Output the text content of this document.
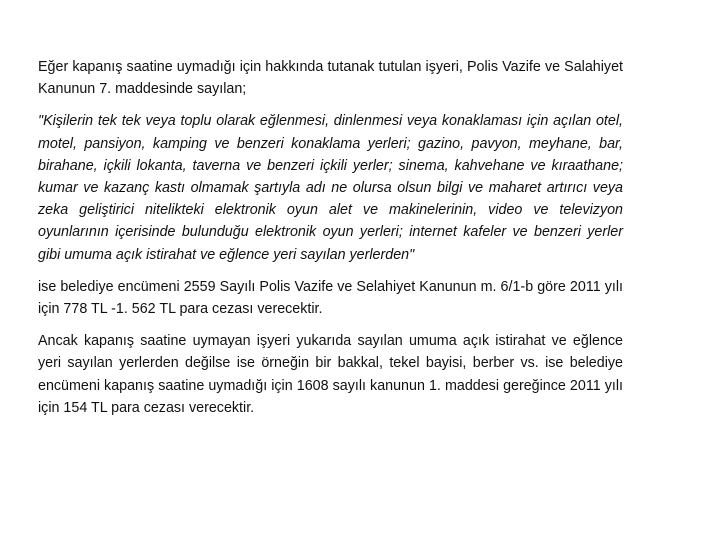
Eğer kapanış saatine uymadığı için hakkında tutanak tutulan işyeri, Polis Vazife ve Salahiyet Kanunun 7. maddesinde sayılan;

"Kişilerin tek tek veya toplu olarak eğlenmesi, dinlenmesi veya konaklaması için açılan otel, motel, pansiyon, kamping ve benzeri konaklama yerleri; gazino, pavyon, meyhane, bar, birahane, içkili lokanta, taverna ve benzeri içkili yerler; sinema, kahvehane ve kıraathane; kumar ve kazanç kastı olmamak şartıyla adı ne olursa olsun bilgi ve maharet artırıcı veya zeka geliştirici nitelikteki elektronik oyun alet ve makinelerinin, video ve televizyon oyunlarının içerisinde bulunduğu elektronik oyun yerleri; internet kafeler ve benzeri yerler gibi umuma açık istirahat ve eğlence yeri sayılan yerlerden"

ise belediye encümeni 2559 Sayılı Polis Vazife ve Selahiyet Kanunun m. 6/1-b göre 2011 yılı için 778 TL -1. 562 TL para cezası verecektir.

Ancak kapanış saatine uymayan işyeri yukarıda sayılan umuma açık istirahat ve eğlence yeri sayılan yerlerden değilse ise örneğin bir bakkal, tekel bayisi, berber vs. ise belediye encümeni kapanış saatine uymadığı için 1608 sayılı kanunun 1. maddesi gereğince 2011 yılı için 154 TL para cezası verecektir.
